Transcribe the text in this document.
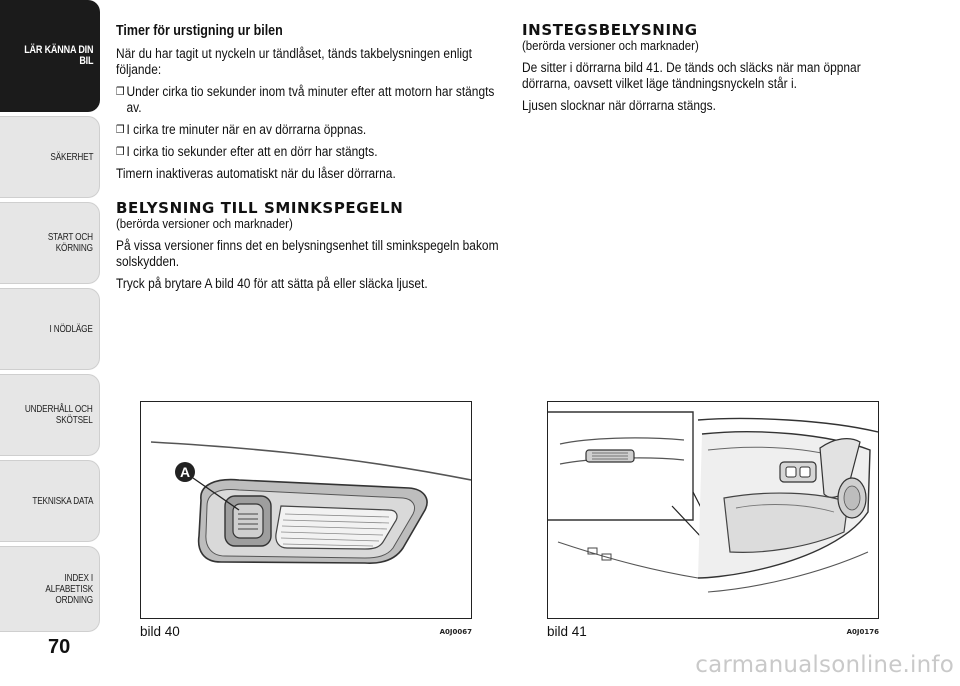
LÄR KÄNNA DIN
BIL
SÄKERHET
START OCH
KÖRNING
I NÖDLÄGE
UNDERHÅLL OCH
SKÖTSEL
TEKNISKA DATA
INDEX I ALFABETISK
ORDNING
70
Timer för urstigning ur bilen

När du har tagit ut nyckeln ur tändlåset, tänds takbelysningen enligt följande:

❒ Under cirka tio sekunder inom två minuter efter att motorn har stängts av.
❒ I cirka tre minuter när en av dörrarna öppnas.
❒ I cirka tio sekunder efter att en dörr har stängts.

Timern inaktiveras automatiskt när du låser dörrarna.

BELYSNING TILL SMINKSPEGELN
(berörda versioner och marknader)

På vissa versioner finns det en belysningsenhet till sminkspegeln bakom solskydden.

Tryck på brytare A bild 40 för att sätta på eller släcka ljuset.

INSTEGSBELYSNING
(berörda versioner och marknader)

De sitter i dörrarna bild 41. De tänds och släcks när man öppnar dörrarna, oavsett vilket läge tändningsnyckeln står i.

Ljusen slocknar när dörrarna stängs.

A
bild 40	A0J0067	bild 41	A0J0176
carmanualsonline.info
